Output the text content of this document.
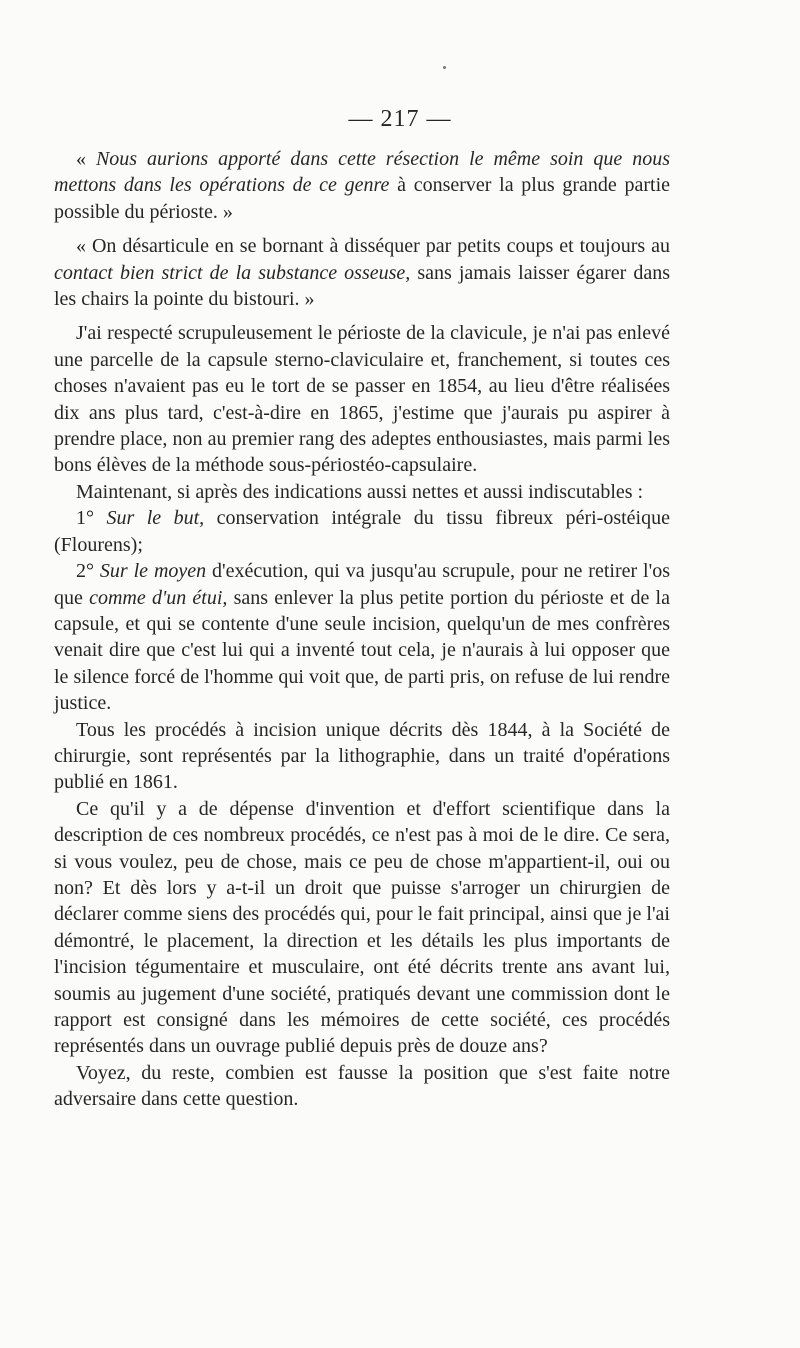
— 217 —

« Nous aurions apporté dans cette résection le même soin que nous mettons dans les opérations de ce genre à conserver la plus grande partie possible du périoste. »

« On désarticule en se bornant à disséquer par petits coups et toujours au contact bien strict de la substance osseuse, sans jamais laisser égarer dans les chairs la pointe du bistouri. »

J'ai respecté scrupuleusement le périoste de la clavicule, je n'ai pas enlevé une parcelle de la capsule sterno-claviculaire et, franchement, si toutes ces choses n'avaient pas eu le tort de se passer en 1854, au lieu d'être réalisées dix ans plus tard, c'est-à-dire en 1865, j'estime que j'aurais pu aspirer à prendre place, non au premier rang des adeptes enthousiastes, mais parmi les bons élèves de la méthode sous-périostéo-capsulaire.

Maintenant, si après des indications aussi nettes et aussi indiscutables :

1° Sur le but, conservation intégrale du tissu fibreux péri-ostéique (Flourens);

2° Sur le moyen d'exécution, qui va jusqu'au scrupule, pour ne retirer l'os que comme d'un étui, sans enlever la plus petite portion du périoste et de la capsule, et qui se contente d'une seule incision, quelqu'un de mes confrères venait dire que c'est lui qui a inventé tout cela, je n'aurais à lui opposer que le silence forcé de l'homme qui voit que, de parti pris, on refuse de lui rendre justice.

Tous les procédés à incision unique décrits dès 1844, à la Société de chirurgie, sont représentés par la lithographie, dans un traité d'opérations publié en 1861.

Ce qu'il y a de dépense d'invention et d'effort scientifique dans la description de ces nombreux procédés, ce n'est pas à moi de le dire. Ce sera, si vous voulez, peu de chose, mais ce peu de chose m'appartient-il, oui ou non? Et dès lors y a-t-il un droit que puisse s'arroger un chirurgien de déclarer comme siens des procédés qui, pour le fait principal, ainsi que je l'ai démontré, le placement, la direction et les détails les plus importants de l'incision tégumentaire et musculaire, ont été décrits trente ans avant lui, soumis au jugement d'une société, pratiqués devant une commission dont le rapport est consigné dans les mémoires de cette société, ces procédés représentés dans un ouvrage publié depuis près de douze ans?

Voyez, du reste, combien est fausse la position que s'est faite notre adversaire dans cette question.
